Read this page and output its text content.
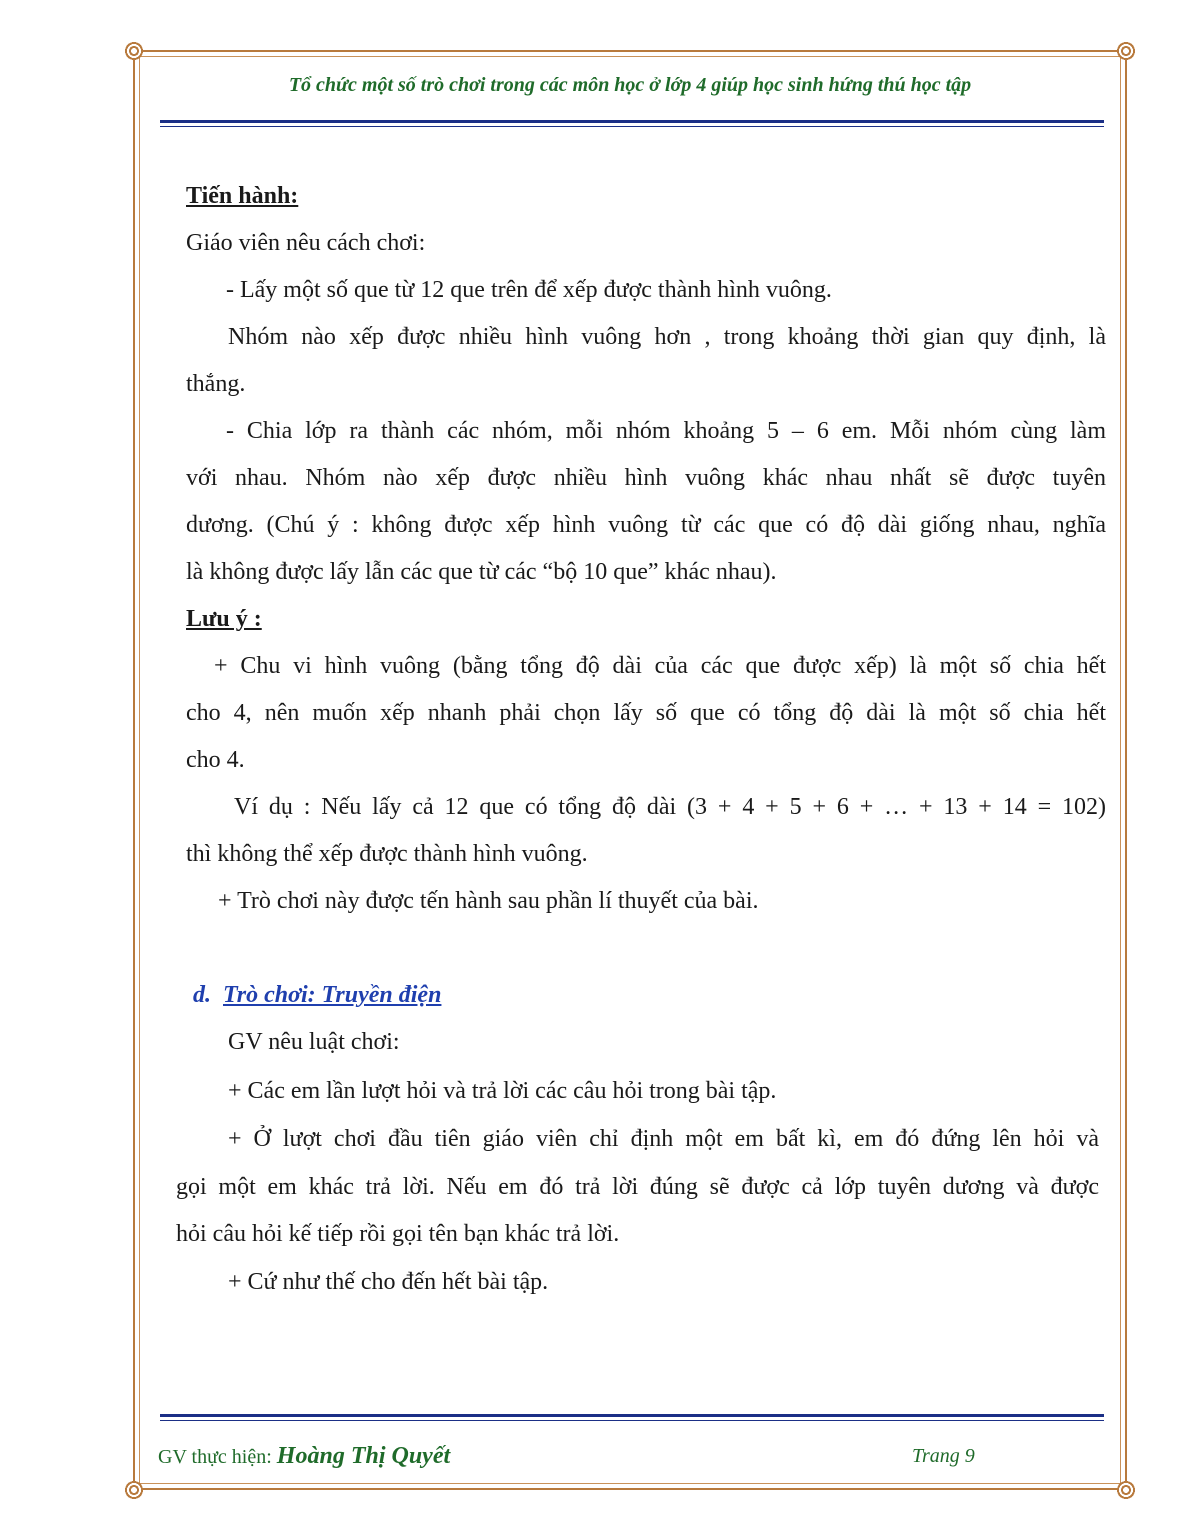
Tổ chức một số trò chơi trong các môn học ở lớp 4 giúp học sinh hứng thú học tập
Tiến hành:
Giáo viên nêu cách chơi:
- Lấy một số que từ 12 que trên để xếp được thành hình vuông.
Nhóm nào xếp được nhiều hình vuông hơn , trong khoảng thời gian quy định, là
thắng.
- Chia lớp ra thành các nhóm, mỗi nhóm khoảng 5 – 6 em. Mỗi nhóm cùng làm
với nhau. Nhóm nào xếp được nhiều hình vuông khác nhau nhất sẽ được tuyên
dương. (Chú ý : không được xếp hình vuông từ các que có độ dài giống nhau, nghĩa
là không được lấy lẫn các que từ các “bộ 10 que” khác nhau).
Lưu ý :
+ Chu vi hình vuông (bằng tổng độ dài của các que được xếp) là một số chia hết
cho 4, nên muốn xếp nhanh phải chọn lấy số que có tổng độ dài là một số chia hết
cho 4.
Ví dụ : Nếu lấy cả 12 que có tổng độ dài (3 + 4 + 5 + 6 + … + 13 + 14 = 102)
thì không thể xếp được thành hình vuông.
+ Trò chơi này được tến hành sau phần lí thuyết của bài.
d. Trò chơi: Truyền điện
GV nêu luật chơi:
+ Các em lần lượt hỏi và trả lời các câu hỏi trong bài tập.
+ Ở lượt chơi đầu tiên giáo viên chỉ định một em bất kì, em đó đứng lên hỏi và
gọi một em khác trả lời. Nếu em đó trả lời đúng sẽ được cả lớp tuyên dương và được
hỏi câu hỏi kế tiếp rồi gọi tên bạn khác trả lời.
+ Cứ như thế cho đến hết bài tập.
GV thực hiện: Hoàng Thị Quyết	Trang 9
